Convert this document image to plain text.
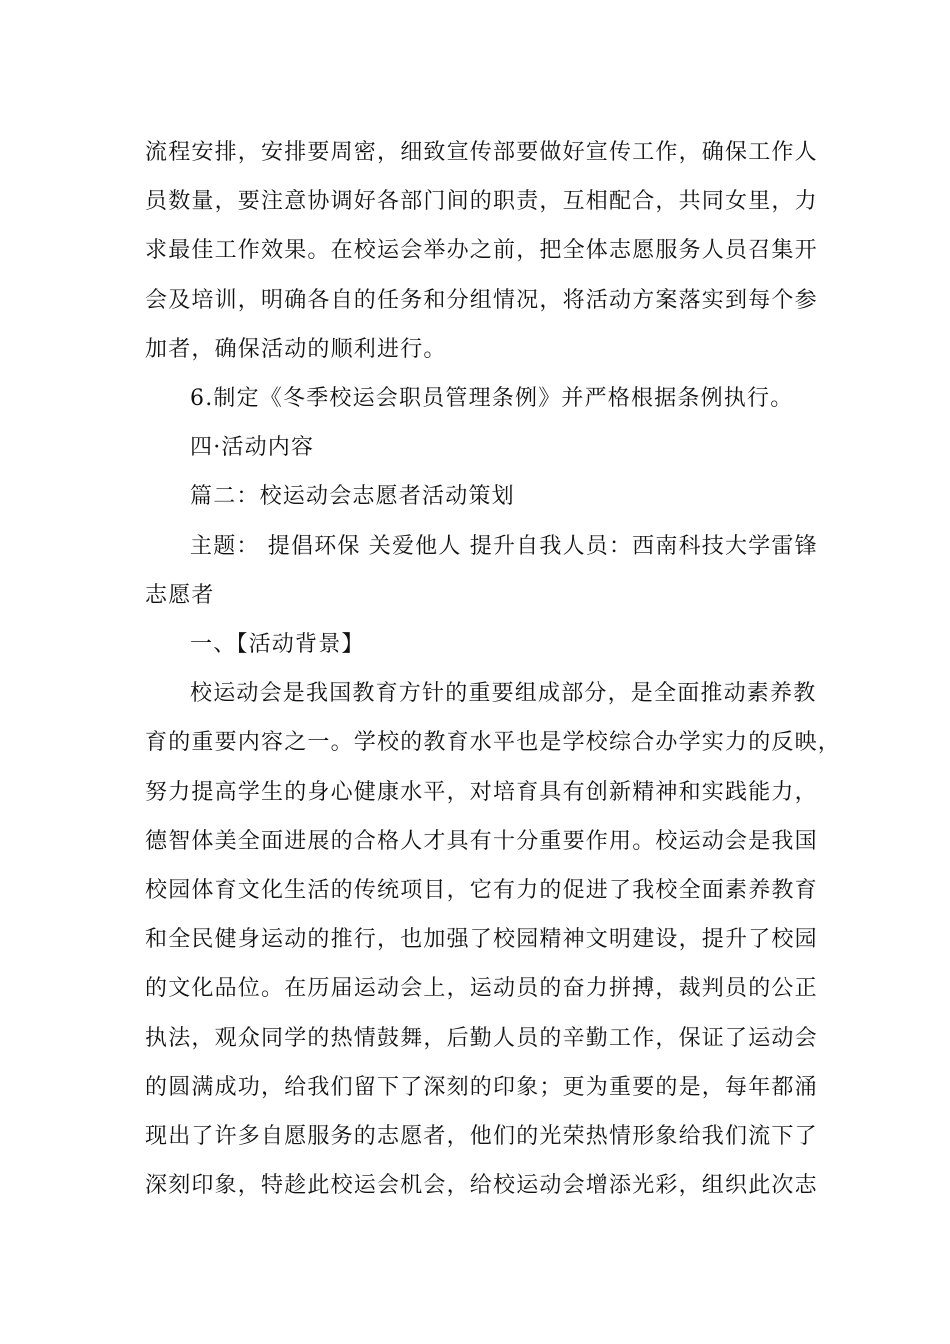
流程安排，安排要周密，细致宣传部要做好宣传工作，确保工作人
员数量，要注意协调好各部门间的职责，互相配合，共同女里，力
求最佳工作效果。在校运会举办之前，把全体志愿服务人员召集开
会及培训，明确各自的任务和分组情况，将活动方案落实到每个参
加者，确保活动的顺利进行。
6.制定《冬季校运会职员管理条例》并严格根据条例执行。
四·活动内容
篇二：校运动会志愿者活动策划
主题： 提倡环保 关爱他人 提升自我人员：西南科技大学雷锋
志愿者
一、【活动背景】
校运动会是我国教育方针的重要组成部分，是全面推动素养教
育的重要内容之一。学校的教育水平也是学校综合办学实力的反映，
努力提高学生的身心健康水平，对培育具有创新精神和实践能力，
德智体美全面进展的合格人才具有十分重要作用。校运动会是我国
校园体育文化生活的传统项目，它有力的促进了我校全面素养教育
和全民健身运动的推行，也加强了校园精神文明建设，提升了校园
的文化品位。在历届运动会上，运动员的奋力拼搏，裁判员的公正
执法，观众同学的热情鼓舞，后勤人员的辛勤工作，保证了运动会
的圆满成功，给我们留下了深刻的印象；更为重要的是，每年都涌
现出了许多自愿服务的志愿者，他们的光荣热情形象给我们流下了
深刻印象，特趁此校运会机会，给校运动会增添光彩，组织此次志
